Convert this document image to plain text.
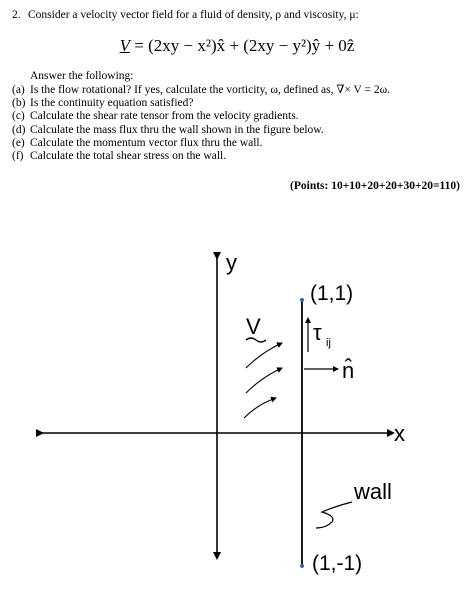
2. Consider a velocity vector field for a fluid of density, ρ and viscosity, μ:
V = (2xy − x²)x̂ + (2xy − y²)ŷ + 0ẑ
Answer the following:
(a) Is the flow rotational? If yes, calculate the vorticity, ω, defined as, ∇× V = 2ω.
(b) Is the continuity equation satisfied?
(c) Calculate the shear rate tensor from the velocity gradients.
(d) Calculate the mass flux thru the wall shown in the figure below.
(e) Calculate the momentum vector flux thru the wall.
(f) Calculate the total shear stress on the wall.
(Points: 10+10+20+20+30+20=110)
y
x
(1,1)
(1,-1)
V τ ij
n̂
wall
